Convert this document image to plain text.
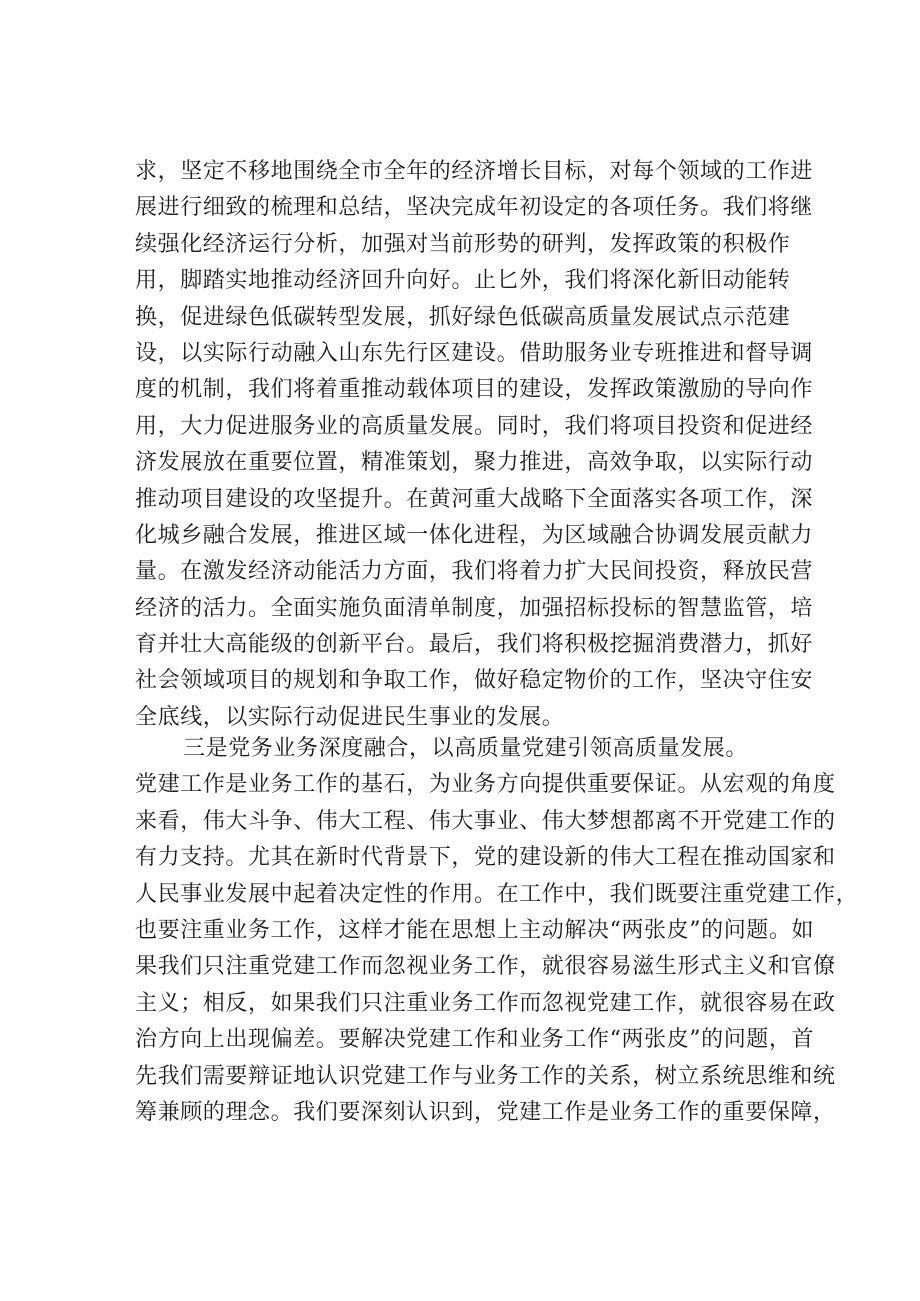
求，坚定不移地围绕全市全年的经济增长目标，对每个领域的工作进
展进行细致的梳理和总结，坚决完成年初设定的各项任务。我们将继
续强化经济运行分析，加强对当前形势的研判，发挥政策的积极作
用，脚踏实地推动经济回升向好。止匕外，我们将深化新旧动能转
换，促进绿色低碳转型发展，抓好绿色低碳高质量发展试点示范建
设，以实际行动融入山东先行区建设。借助服务业专班推进和督导调
度的机制，我们将着重推动载体项目的建设，发挥政策激励的导向作
用，大力促进服务业的高质量发展。同时，我们将项目投资和促进经
济发展放在重要位置，精准策划，聚力推进，高效争取，以实际行动
推动项目建设的攻坚提升。在黄河重大战略下全面落实各项工作，深
化城乡融合发展，推进区域一体化进程，为区域融合协调发展贡献力
量。在激发经济动能活力方面，我们将着力扩大民间投资，释放民营
经济的活力。全面实施负面清单制度，加强招标投标的智慧监管，培
育并壮大高能级的创新平台。最后，我们将积极挖掘消费潜力，抓好
社会领域项目的规划和争取工作，做好稳定物价的工作，坚决守住安
全底线，以实际行动促进民生事业的发展。
三是党务业务深度融合，以高质量党建引领高质量发展。
党建工作是业务工作的基石，为业务方向提供重要保证。从宏观的角度
来看，伟大斗争、伟大工程、伟大事业、伟大梦想都离不开党建工作的
有力支持。尤其在新时代背景下，党的建设新的伟大工程在推动国家和
人民事业发展中起着决定性的作用。在工作中，我们既要注重党建工作，
也要注重业务工作，这样才能在思想上主动解决“两张皮”的问题。如
果我们只注重党建工作而忽视业务工作，就很容易滋生形式主义和官僚
主义；相反，如果我们只注重业务工作而忽视党建工作，就很容易在政
治方向上出现偏差。要解决党建工作和业务工作“两张皮”的问题，首
先我们需要辩证地认识党建工作与业务工作的关系，树立系统思维和统
筹兼顾的理念。我们要深刻认识到，党建工作是业务工作的重要保障，
